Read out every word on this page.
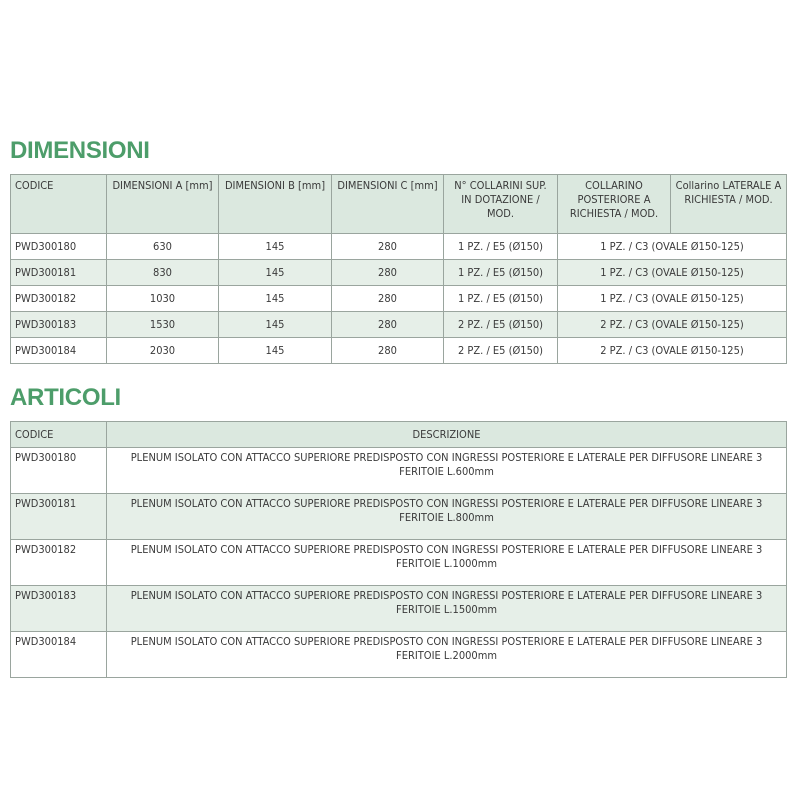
DIMENSIONI
CODICE	DIMENSIONI A [mm]	DIMENSIONI B [mm]	DIMENSIONI C [mm]	N° COLLARINI SUP. IN DOTAZIONE / MOD.	COLLARINO POSTERIORE A RICHIESTA / MOD.	Collarino LATERALE A RICHIESTA / MOD.
PWD300180	630	145	280	1 PZ. / E5 (Ø150)	1 PZ. / C3 (OVALE Ø150-125)	
PWD300181	830	145	280	1 PZ. / E5 (Ø150)	1 PZ. / C3 (OVALE Ø150-125)	
PWD300182	1030	145	280	1 PZ. / E5 (Ø150)	1 PZ. / C3 (OVALE Ø150-125)	
PWD300183	1530	145	280	2 PZ. / E5 (Ø150)	2 PZ. / C3 (OVALE Ø150-125)	
PWD300184	2030	145	280	2 PZ. / E5 (Ø150)	2 PZ. / C3 (OVALE Ø150-125)	
ARTICOLI
CODICE	DESCRIZIONE
PWD300180	PLENUM ISOLATO CON ATTACCO SUPERIORE PREDISPOSTO CON INGRESSI POSTERIORE E LATERALE PER DIFFUSORE LINEARE 3 FERITOIE L.600mm
PWD300181	PLENUM ISOLATO CON ATTACCO SUPERIORE PREDISPOSTO CON INGRESSI POSTERIORE E LATERALE PER DIFFUSORE LINEARE 3 FERITOIE L.800mm
PWD300182	PLENUM ISOLATO CON ATTACCO SUPERIORE PREDISPOSTO CON INGRESSI POSTERIORE E LATERALE PER DIFFUSORE LINEARE 3 FERITOIE L.1000mm
PWD300183	PLENUM ISOLATO CON ATTACCO SUPERIORE PREDISPOSTO CON INGRESSI POSTERIORE E LATERALE PER DIFFUSORE LINEARE 3 FERITOIE L.1500mm
PWD300184	PLENUM ISOLATO CON ATTACCO SUPERIORE PREDISPOSTO CON INGRESSI POSTERIORE E LATERALE PER DIFFUSORE LINEARE 3 FERITOIE L.2000mm
